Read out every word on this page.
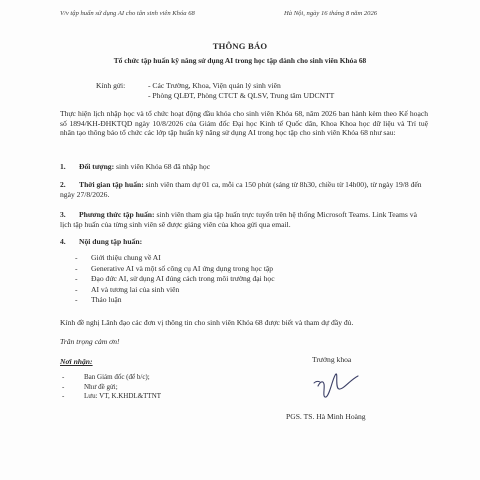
V/v tập huấn sử dụng AI cho tân sinh viên Khóa 68	Hà Nội, ngày 16 tháng 8 năm 2026
THÔNG BÁO
Tổ chức tập huấn kỹ năng sử dụng AI trong học tập dành cho sinh viên Khóa 68
Kính gửi:	- Các Trường, Khoa, Viện quản lý sinh viên
- Phòng QLĐT, Phòng CTCT & QLSV, Trung tâm UDCNTT
Thực hiện lịch nhập học và tổ chức hoạt động đầu khóa cho sinh viên Khóa 68, năm 2026 ban hành kèm theo Kế hoạch số 1894/KH-ĐHKTQD ngày 10/8/2026 của Giám đốc Đại học Kinh tế Quốc dân, Khoa Khoa học dữ liệu và Trí tuệ nhân tạo thông báo tổ chức các lớp tập huấn kỹ năng sử dụng AI trong học tập cho sinh viên Khóa 68 như sau:
1. Đối tượng: sinh viên Khóa 68 đã nhập học
2. Thời gian tập huấn: sinh viên tham dự 01 ca, mỗi ca 150 phút (sáng từ 8h30, chiều từ 14h00), từ ngày 19/8 đến ngày 27/8/2026.
3. Phương thức tập huấn: sinh viên tham gia tập huấn trực tuyến trên hệ thống Microsoft Teams. Link Teams và lịch tập huấn của từng sinh viên sẽ được giảng viên của khoa gửi qua email.
4. Nội dung tập huấn:
- Giới thiệu chung về AI
- Generative AI và một số công cụ AI ứng dụng trong học tập
- Đạo đức AI, sử dụng AI đúng cách trong môi trường đại học
- AI và tương lai của sinh viên
- Thảo luận
Kính đề nghị Lãnh đạo các đơn vị thông tin cho sinh viên Khóa 68 được biết và tham dự đầy đủ.
Trân trọng cảm ơn!
Nơi nhận:
-	Ban Giám đốc (để b/c);
-	Như đề gửi;
-	Lưu: VT, K.KHDL&TTNT
Trưởng khoa
PGS. TS. Hà Minh Hoàng
